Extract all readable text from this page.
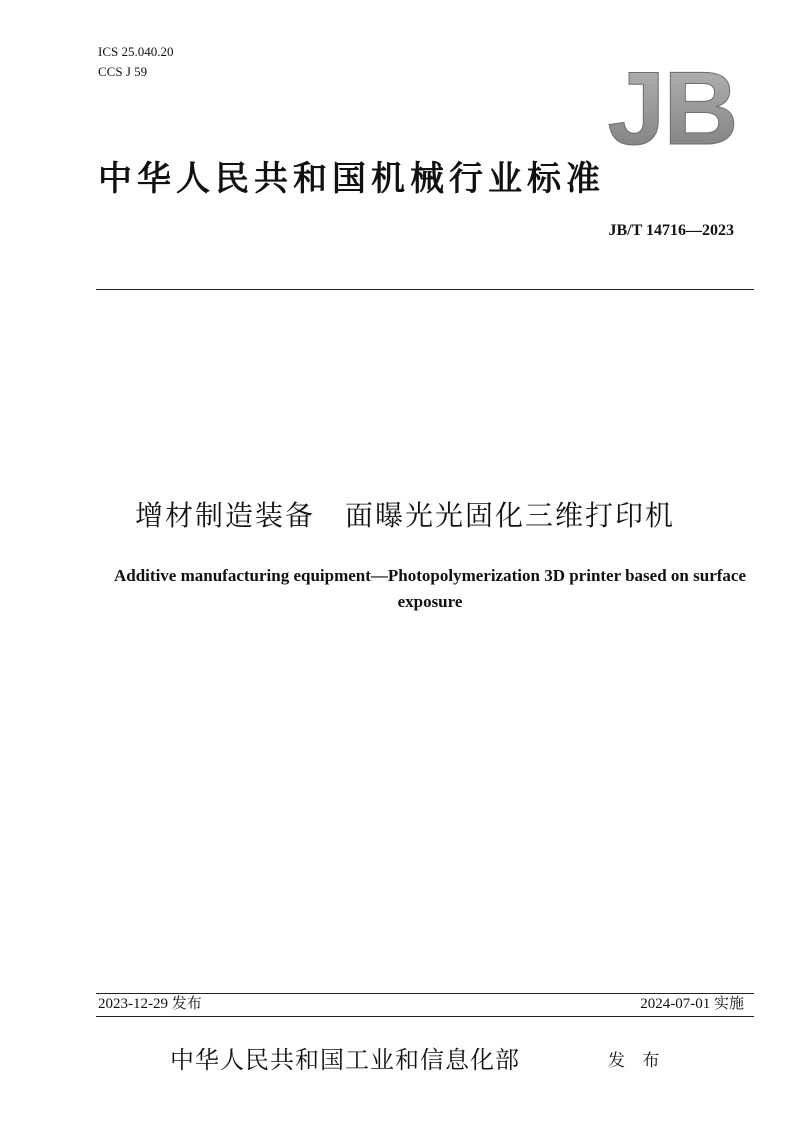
ICS 25.040.20
CCS J 59	JB
中华人民共和国机械行业标准
JB/T 14716—2023
增材制造装备　面曝光光固化三维打印机
Additive manufacturing equipment—Photopolymerization 3D printer based on surface exposure
2023-12-29 发布	2024-07-01 实施
中华人民共和国工业和信息化部	发 布
